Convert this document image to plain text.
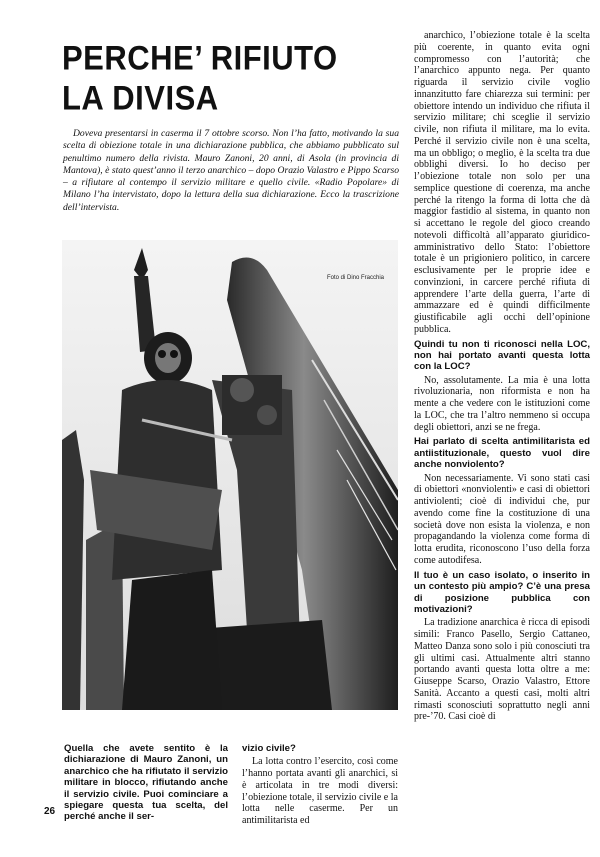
PERCHE’ RIFIUTO
LA DIVISA

Doveva presentarsi in caserma il 7 ottobre scorso. Non l’ha fatto, motivando la sua scelta di obiezione totale in una dichiarazione pubblica, che abbiamo pubblicato sul penultimo numero della rivista. Mauro Zanoni, 20 anni, di Asola (in provincia di Mantova), è stato quest’anno il terzo anarchico – dopo Orazio Valastro e Pippo Scarso – a rifiutare al contempo il servizio militare e quello civile. «Radio Popolare» di Milano l’ha intervistato, dopo la lettura della sua dichiarazione. Ecco la trascrizione dell’intervista.

Foto di Dino Fracchia

anarchico, l’obiezione totale è la scelta più coerente, in quanto evita ogni compromesso con l’autorità; che l’anarchico appunto nega. Per quanto riguarda il servizio civile voglio innanzitutto fare chiarezza sui termini: per obiettore intendo un individuo che rifiuta il servizio militare; chi sceglie il servizio civile, non rifiuta il militare, ma lo evita. Perché il servizio civile non è una scelta, ma un obbligo; o meglio, è la scelta tra due obblighi diversi. Io ho deciso per l’obiezione totale non solo per una semplice questione di coerenza, ma anche perché la ritengo la forma di lotta che dà maggior fastidio al sistema, in quanto non si accettano le regole del gioco creando notevoli difficoltà all’apparato giuridico-amministrativo dello Stato: l’obiettore totale è un prigioniero politico, in carcere esclusivamente per le proprie idee e convinzioni, in carcere perché rifiuta di apprendere l’arte della guerra, l’arte di ammazzare ed è quindi difficilmente giustificabile agli occhi dell’opinione pubblica.

Quindi tu non ti riconosci nella LOC, non hai portato avanti questa lotta con la LOC?

No, assolutamente. La mia è una lotta rivoluzionaria, non riformista e non ha mente a che vedere con le istituzioni come la LOC, che tra l’altro nemmeno si occupa degli obiettori, anzi se ne frega.

Hai parlato di scelta antimilitarista ed antiistituzionale, questo vuol dire anche nonviolento?

Non necessariamente. Vi sono stati casi di obiettori «nonviolenti» e casi di obiettori antiviolenti; cioè di individui che, pur avendo come fine la costituzione di una società dove non esista la violenza, e non propagandando la violenza come forma di lotta erudita, riconoscono l’uso della forza come autodifesa.

Il tuo è un caso isolato, o inserito in un contesto più ampio? C’è una presa di posizione pubblica con motivazioni?

La tradizione anarchica è ricca di episodi simili: Franco Pasello, Sergio Cattaneo, Matteo Danza sono solo i più conosciuti tra gli ultimi casi. Attualmente altri stanno portando avanti questa lotta oltre a me: Giuseppe Scarso, Orazio Valastro, Ettore Sanità. Accanto a questi casi, molti altri rimasti sconosciuti soprattutto negli anni pre-’70. Casi cioè di

Quella che avete sentito è la dichiarazione di Mauro Zanoni, un anarchico che ha rifiutato il servizio militare in blocco, rifiutando anche il servizio civile. Puoi cominciare a spiegare questa tua scelta, del perché anche il ser-

vizio civile?

La lotta contro l’esercito, così come l’hanno portata avanti gli anarchici, si è articolata in tre modi diversi: l’obiezione totale, il servizio civile e la lotta nelle caserme. Per un antimilitarista ed

26
